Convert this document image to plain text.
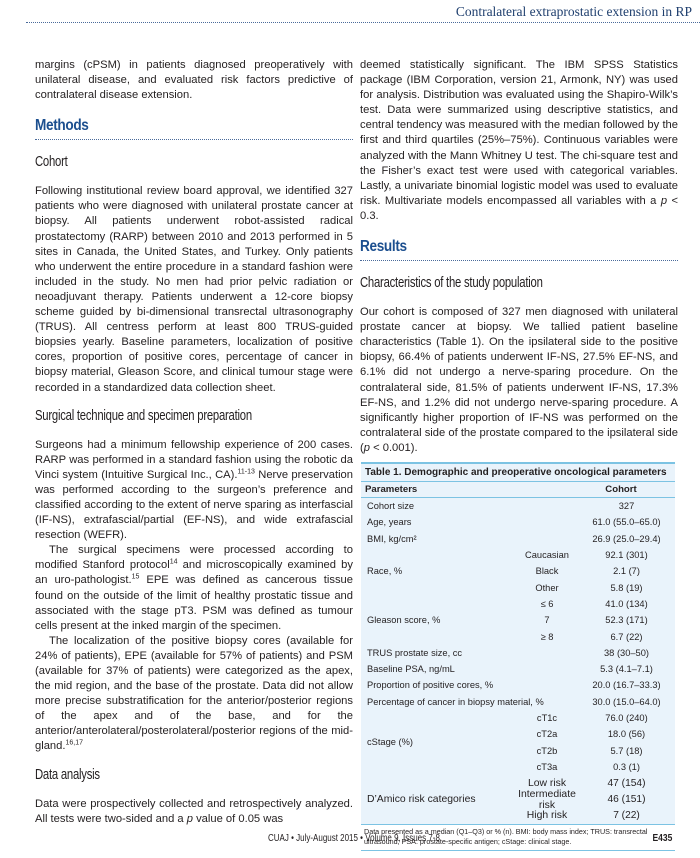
Contralateral extraprostatic extension in RP

margins (cPSM) in patients diagnosed preoperatively with unilateral disease, and evaluated risk factors predictive of contralateral disease extension.

Methods
Cohort

Following institutional review board approval, we identified 327 patients who were diagnosed with unilateral prostate cancer at biopsy. All patients underwent robot-assisted radical prostatectomy (RARP) between 2010 and 2013 performed in 5 sites in Canada, the United States, and Turkey. Only patients who underwent the entire procedure in a standard fashion were included in the study. No men had prior pelvic radiation or neoadjuvant therapy. Patients underwent a 12-core biopsy scheme guided by bi-dimensional transrectal ultrasonography (TRUS). All centress perform at least 800 TRUS-guided biopsies yearly. Baseline parameters, localization of positive cores, proportion of positive cores, percentage of cancer in biopsy material, Gleason Score, and clinical tumour stage were recorded in a standardized data collection sheet.

Surgical technique and specimen preparation

Surgeons had a minimum fellowship experience of 200 cases. RARP was performed in a standard fashion using the robotic da Vinci system (Intuitive Surgical Inc., CA).$^{11-13}$ Nerve preservation was performed according to the surgeon’s preference and classified according to the extent of nerve sparing as interfascial (IF-NS), extrafascial/partial (EF-NS), and wide extrafascial resection (WEFR).

The surgical specimens were processed according to modified Stanford protocol$^{14}$ and microscopically examined by an uro-pathologist.$^{15}$ EPE was defined as cancerous tissue found on the outside of the limit of healthy prostatic tissue and associated with the stage pT3. PSM was defined as tumour cells present at the inked margin of the specimen.

The localization of the positive biopsy cores (available for 24% of patients), EPE (available for 57% of patients) and PSM (available for 37% of patients) were categorized as the apex, the mid region, and the base of the prostate. Data did not allow more precise substratification for the anterior/posterior regions of the apex and of the base, and for the anterior/anterolateral/posterolateral/posterior regions of the mid-gland.$^{16,17}$

Data analysis

Data were prospectively collected and retrospectively analyzed. All tests were two-sided and a p value of 0.05 was

deemed statistically significant. The IBM SPSS Statistics package (IBM Corporation, version 21, Armonk, NY) was used for analysis. Distribution was evaluated using the Shapiro-Wilk’s test. Data were summarized using descriptive statistics, and central tendency was measured with the median followed by the first and third quartiles (25%–75%). Continuous variables were analyzed with the Mann Whitney U test. The chi-square test and the Fisher’s exact test were used with categorical variables. Lastly, a univariate binomial logistic model was used to evaluate risk. Multivariate models encompassed all variables with a p < 0.3.

Results
Characteristics of the study population

Our cohort is composed of 327 men diagnosed with unilateral prostate cancer at biopsy. We tallied patient baseline characteristics (Table 1). On the ipsilateral side to the positive biopsy, 66.4% of patients underwent IF-NS, 27.5% EF-NS, and 6.1% did not undergo a nerve-sparing procedure. On the contralateral side, 81.5% of patients underwent IF-NS, 17.3% EF-NS, and 1.2% did not undergo nerve-sparing procedure. A significantly higher proportion of IF-NS was performed on the contralateral side of the prostate compared to the ipsilateral side (p < 0.001).

Table 1. Demographic and preoperative oncological parameters
Parameters	Cohort
Cohort size	327
Age, years	61.0 (55.0–65.0)
BMI, kg/cm²	26.9 (25.0–29.4)
Race, %
Caucasian	92.1 (301)
Black	2.1 (7)
Other	5.8 (19)
Gleason score, %
≤ 6	41.0 (134)
7	52.3 (171)
≥ 8	6.7 (22)
TRUS prostate size, cc	38 (30–50)
Baseline PSA, ng/mL	5.3 (4.1–7.1)
Proportion of positive cores, %	20.0 (16.7–33.3)
Percentage of cancer in biopsy material, %	30.0 (15.0–64.0)
cStage (%)
cT1c	76.0 (240)
cT2a	18.0 (56)
cT2b	5.7 (18)
cT3a	0.3 (1)
D’Amico risk categories
Low risk	47 (154)
Intermediate risk
46 (151)
High risk	7 (22)
Data presented as a median (Q1–Q3) or % (n). BMI: body mass index; TRUS: transrectal ultrasound; PSA: prostate-specific antigen; cStage: clinical stage.
CUAJ • July-August 2015 • Volume 9, Issues 7-8	E435
